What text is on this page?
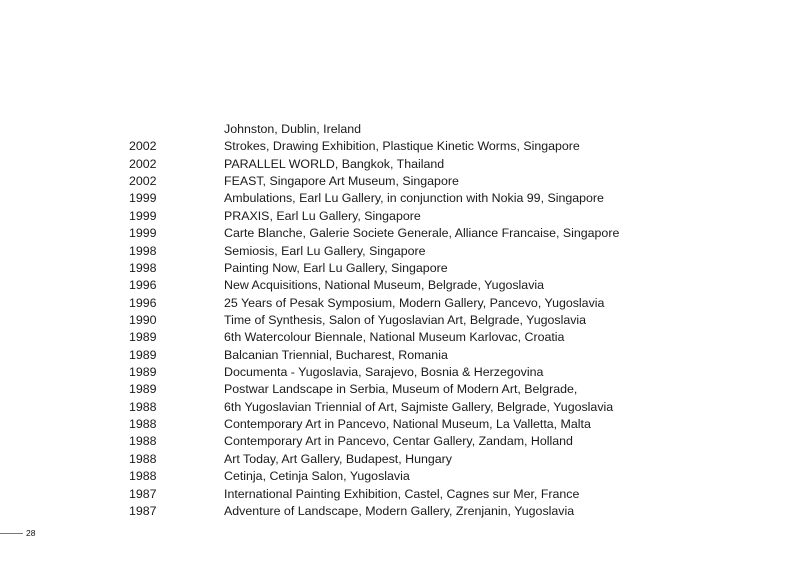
Johnston, Dublin, Ireland
2002	Strokes, Drawing Exhibition, Plastique Kinetic Worms, Singapore
2002	PARALLEL WORLD, Bangkok, Thailand
2002	FEAST, Singapore Art Museum, Singapore
1999	Ambulations, Earl Lu Gallery, in conjunction with Nokia 99, Singapore
1999	PRAXIS, Earl Lu Gallery, Singapore
1999	Carte Blanche, Galerie Societe Generale, Alliance Francaise, Singapore
1998	Semiosis, Earl Lu Gallery, Singapore
1998	Painting Now, Earl Lu Gallery, Singapore
1996	New Acquisitions, National Museum, Belgrade, Yugoslavia
1996	25 Years of Pesak Symposium, Modern Gallery, Pancevo, Yugoslavia
1990	Time of Synthesis, Salon of Yugoslavian Art, Belgrade, Yugoslavia
1989	6th Watercolour Biennale, National Museum Karlovac, Croatia
1989	Balcanian Triennial, Bucharest, Romania
1989	Documenta - Yugoslavia, Sarajevo, Bosnia & Herzegovina
1989	Postwar Landscape in Serbia, Museum of Modern Art, Belgrade,
1988	6th Yugoslavian Triennial of Art, Sajmiste Gallery, Belgrade, Yugoslavia
1988	Contemporary Art in Pancevo, National Museum, La Valletta, Malta
1988	Contemporary Art in Pancevo, Centar Gallery, Zandam, Holland
1988	Art Today, Art Gallery, Budapest, Hungary
1988	Cetinja, Cetinja Salon, Yugoslavia
1987	International Painting Exhibition, Castel, Cagnes sur Mer, France
1987	Adventure of Landscape, Modern Gallery, Zrenjanin, Yugoslavia
28
